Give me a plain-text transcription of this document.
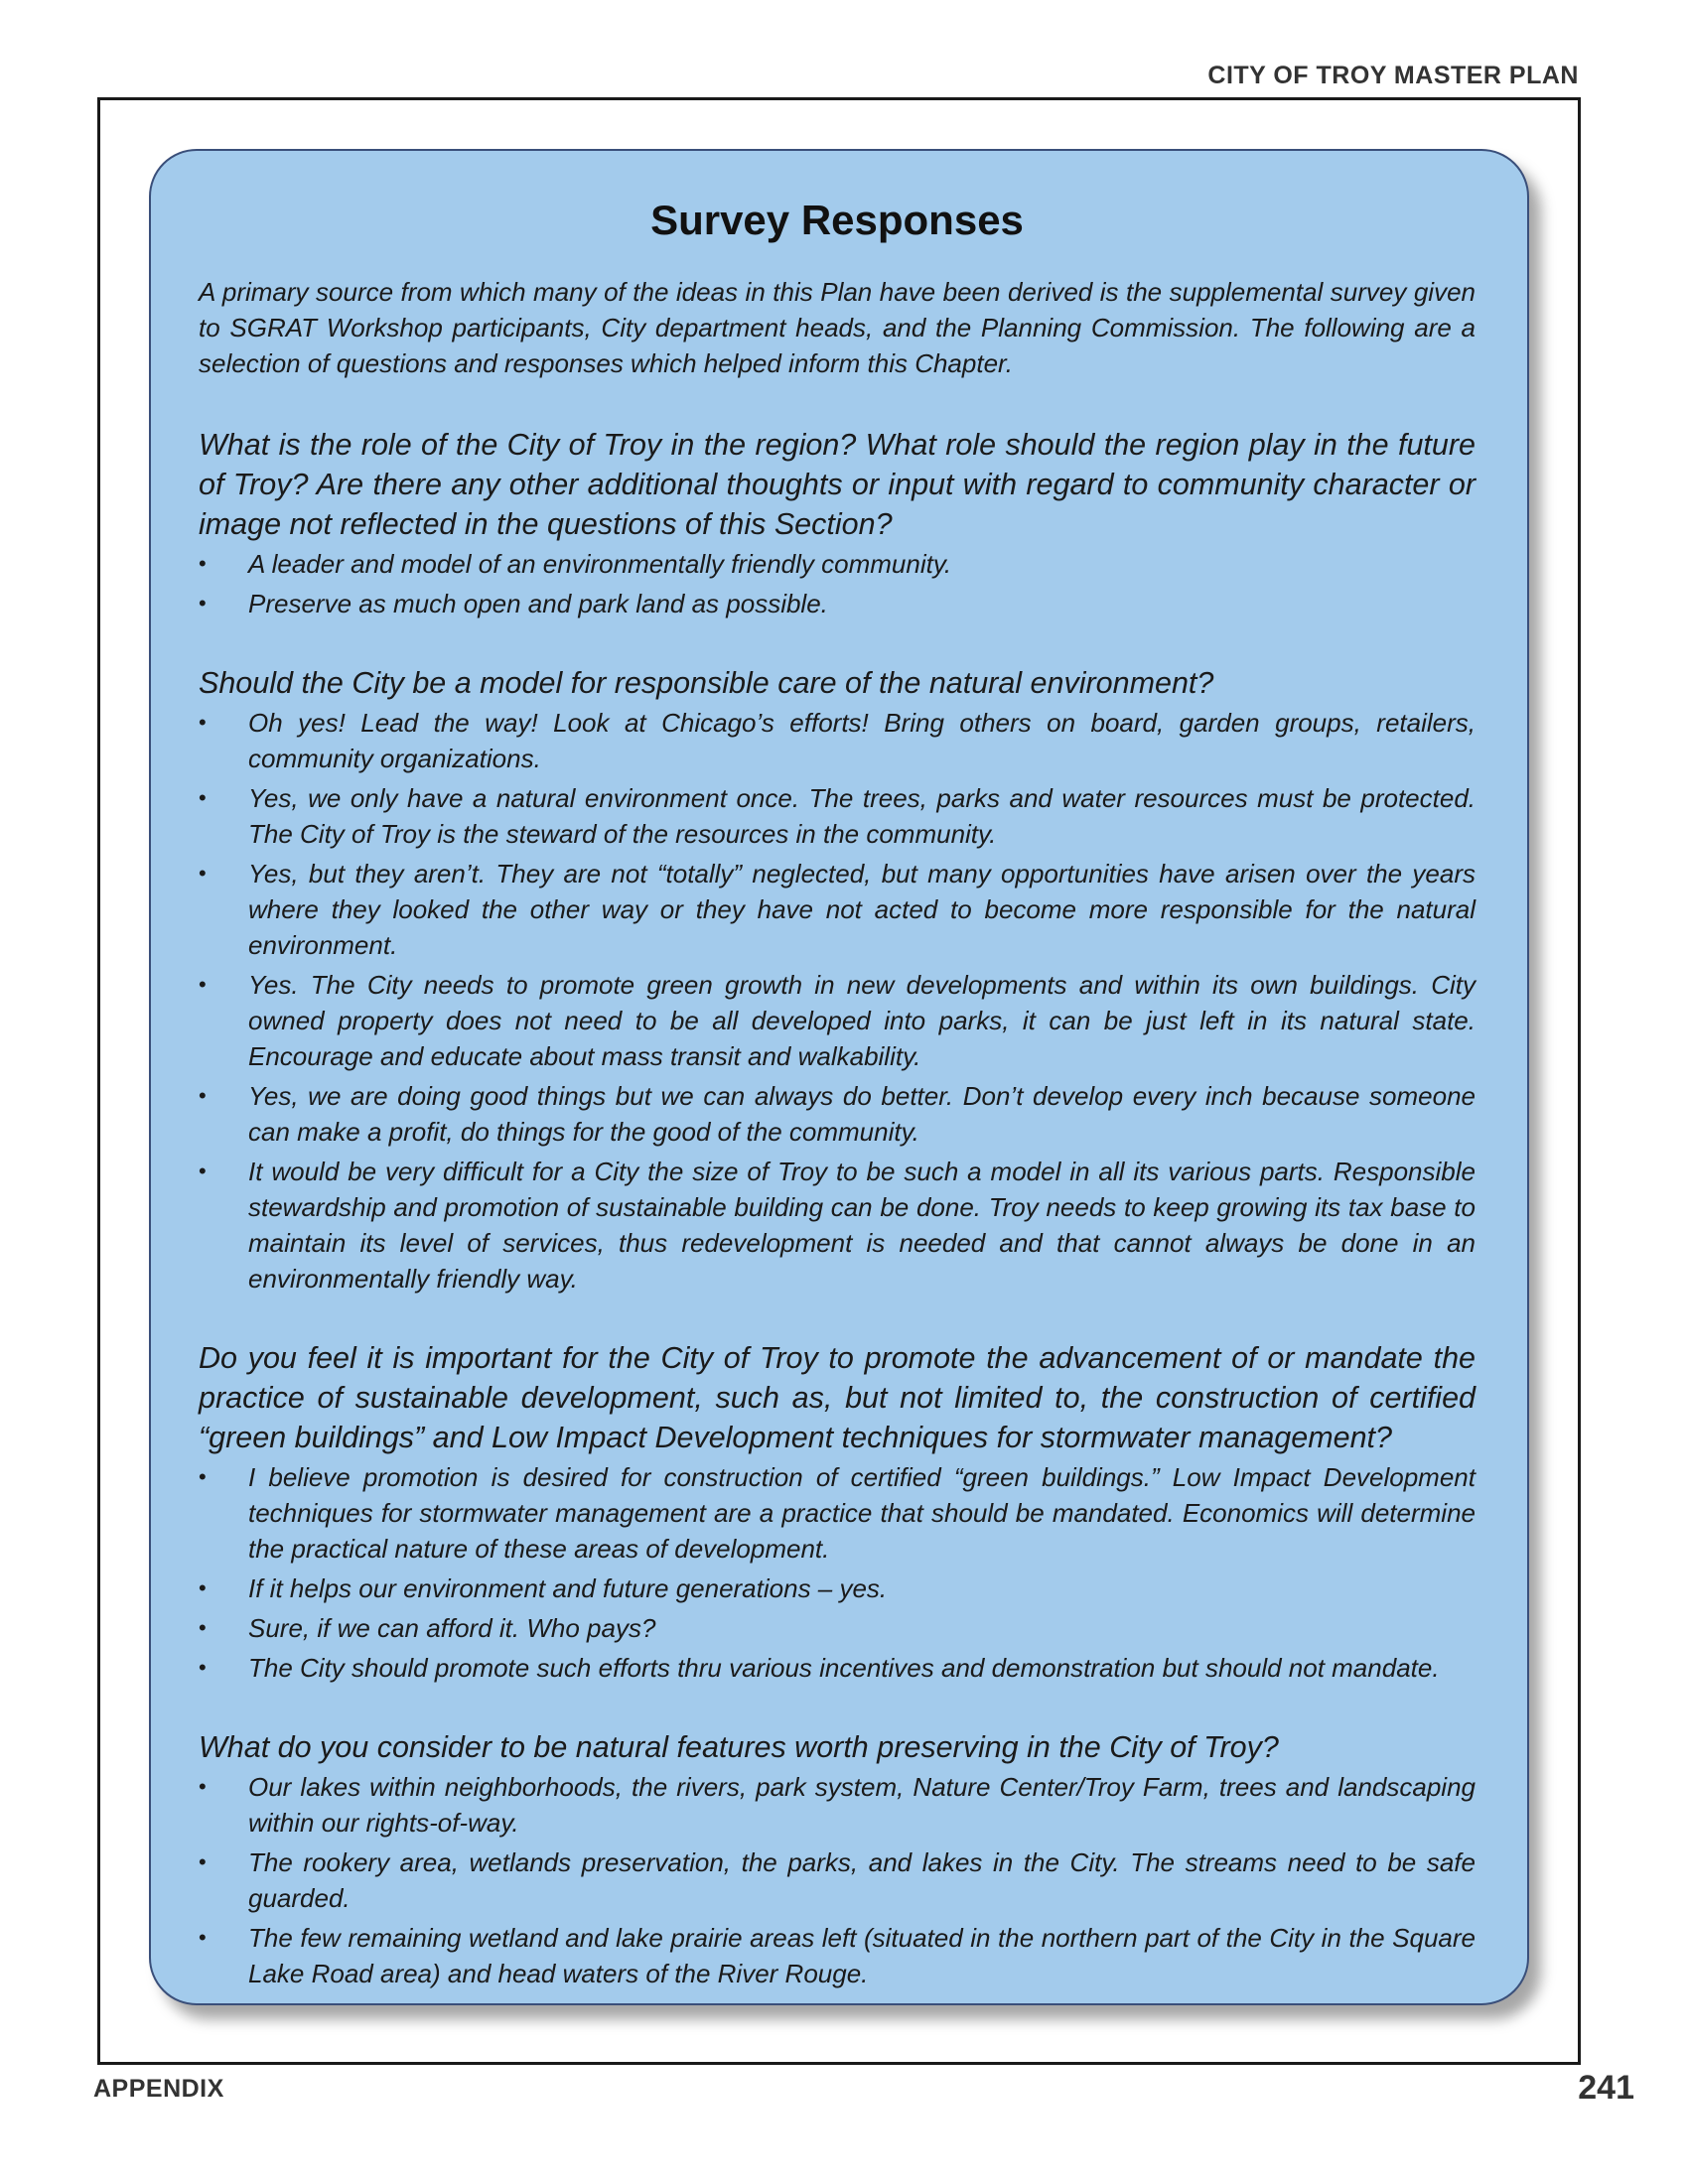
CITY OF TROY MASTER PLAN
Survey Responses

A primary source from which many of the ideas in this Plan have been derived is the supplemental survey given to SGRAT Workshop participants, City department heads, and the Planning Commission. The following are a selection of questions and responses which helped inform this Chapter.

What is the role of the City of Troy in the region? What role should the region play in the future of Troy? Are there any other additional thoughts or input with regard to community character or image not reflected in the questions of this Section?

• A leader and model of an environmentally friendly community.
• Preserve as much open and park land as possible.

Should the City be a model for responsible care of the natural environment?

• Oh yes! Lead the way! Look at Chicago’s efforts! Bring others on board, garden groups, retailers, community organizations.
• Yes, we only have a natural environment once. The trees, parks and water resources must be protected. The City of Troy is the steward of the resources in the community.
• Yes, but they aren’t. They are not “totally” neglected, but many opportunities have arisen over the years where they looked the other way or they have not acted to become more responsible for the natural environment.
• Yes. The City needs to promote green growth in new developments and within its own buildings. City owned property does not need to be all developed into parks, it can be just left in its natural state. Encourage and educate about mass transit and walkability.
• Yes, we are doing good things but we can always do better. Don’t develop every inch because someone can make a profit, do things for the good of the community.
• It would be very difficult for a City the size of Troy to be such a model in all its various parts. Responsible stewardship and promotion of sustainable building can be done. Troy needs to keep growing its tax base to maintain its level of services, thus redevelopment is needed and that cannot always be done in an environmentally friendly way.

Do you feel it is important for the City of Troy to promote the advancement of or mandate the practice of sustainable development, such as, but not limited to, the construction of certified “green buildings” and Low Impact Development techniques for stormwater management?

• I believe promotion is desired for construction of certified “green buildings.” Low Impact Development techniques for stormwater management are a practice that should be mandated. Economics will determine the practical nature of these areas of development.
• If it helps our environment and future generations – yes.
• Sure, if we can afford it. Who pays?
• The City should promote such efforts thru various incentives and demonstration but should not mandate.

What do you consider to be natural features worth preserving in the City of Troy?

• Our lakes within neighborhoods, the rivers, park system, Nature Center/Troy Farm, trees and landscaping within our rights-of-way.
• The rookery area, wetlands preservation, the parks, and lakes in the City. The streams need to be safe guarded.
• The few remaining wetland and lake prairie areas left (situated in the northern part of the City in the Square Lake Road area) and head waters of the River Rouge.
APPENDIX	241
